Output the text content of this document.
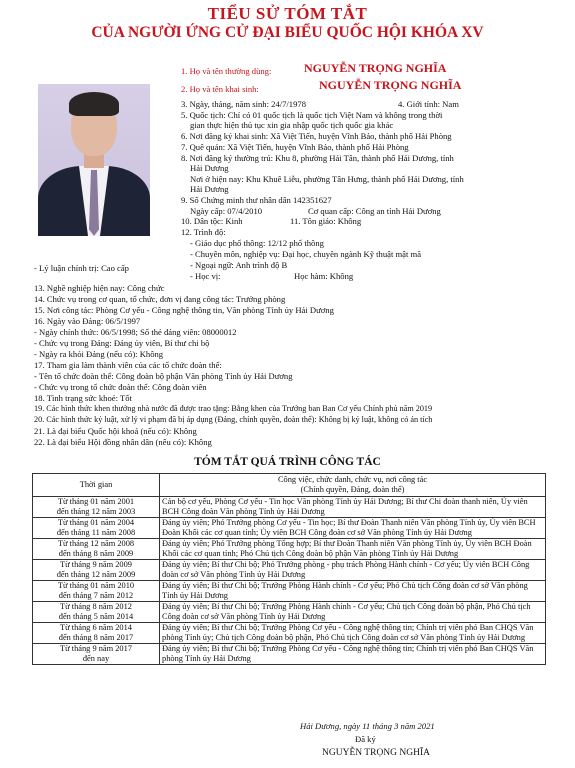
TIỂU SỬ TÓM TẮT
CỦA NGƯỜI ỨNG CỬ ĐẠI BIỂU QUỐC HỘI KHÓA XV
1. Họ và tên thường dùng:	NGUYỄN TRỌNG NGHĨA
2. Họ và tên khai sinh:	NGUYỄN TRỌNG NGHĨA
3. Ngày, tháng, năm sinh: 24/7/1978	4. Giới tính: Nam
5. Quốc tịch: Chỉ có 01 quốc tịch là quốc tịch Việt Nam và không trong thời
gian thực hiện thủ tục xin gia nhập quốc tịch quốc gia khác
6. Nơi đăng ký khai sinh: Xã Việt Tiến, huyện Vĩnh Bảo, thành phố Hải Phòng
7. Quê quán: Xã Việt Tiến, huyện Vĩnh Bảo, thành phố Hải Phòng
8. Nơi đăng ký thường trú: Khu 8, phường Hải Tân, thành phố Hải Dương, tỉnh
Hải Dương
Nơi ở hiện nay: Khu Khuê Liễu, phường Tân Hưng, thành phố Hải Dương, tỉnh
Hải Dương
9. Số Chứng minh thư nhân dân 142351627
Ngày cấp: 07/4/2010	Cơ quan cấp: Công an tỉnh Hải Dương
10. Dân tộc: Kinh	11. Tôn giáo: Không
12. Trình độ:
- Giáo dục phổ thông: 12/12 phổ thông
- Chuyên môn, nghiệp vụ: Đại học, chuyên ngành Kỹ thuật mật mã
- Ngoại ngữ: Anh trình độ B
- Lý luận chính trị: Cao cấp
- Học vị:	Học hàm: Không
13. Nghề nghiệp hiện nay: Công chức
14. Chức vụ trong cơ quan, tổ chức, đơn vị đang công tác: Trưởng phòng
15. Nơi công tác: Phòng Cơ yếu - Công nghệ thông tin, Văn phòng Tỉnh ủy Hải Dương
16. Ngày vào Đảng: 06/5/1997
- Ngày chính thức: 06/5/1998; Số thẻ đảng viên: 08000012
- Chức vụ trong Đảng: Đảng ủy viên, Bí thư chi bộ
- Ngày ra khỏi Đảng (nếu có): Không
17. Tham gia làm thành viên của các tổ chức đoàn thể:
- Tên tổ chức đoàn thể: Công đoàn bộ phận Văn phòng Tỉnh ủy Hải Dương
- Chức vụ trong tổ chức đoàn thể: Công đoàn viên
18. Tình trạng sức khoẻ: Tốt
19. Các hình thức khen thưởng nhà nước đã được trao tặng: Bằng khen của Trưởng ban Ban Cơ yếu Chính phủ năm 2019
20. Các hình thức kỷ luật, xử lý vi phạm đã bị áp dụng (Đảng, chính quyền, đoàn thể): Không bị kỷ luật, không có án tích
21. Là đại biểu Quốc hội khoá (nếu có): Không
22. Là đại biểu Hội đồng nhân dân (nếu có): Không
TÓM TẮT QUÁ TRÌNH CÔNG TÁC
Thời gian	Công việc, chức danh, chức vụ, nơi công tác
(Chính quyền, Đảng, đoàn thể)

Từ tháng 01 năm 2001
đến tháng 12 năm 2003	Cán bộ cơ yếu, Phòng Cơ yếu - Tin học Văn phòng Tỉnh ủy Hải Dương; Bí thư Chi đoàn thanh niên, Ủy viên BCH Công đoàn Văn phòng Tỉnh ủy Hải Dương

Từ tháng 01 năm 2004
đến tháng 11 năm 2008	Đảng ủy viên; Phó Trưởng phòng Cơ yếu - Tin học; Bí thư Đoàn Thanh niên Văn phòng Tỉnh ủy, Ủy viên BCH Đoàn Khối các cơ quan tỉnh; Ủy viên BCH Công đoàn cơ sở Văn phòng Tỉnh ủy Hải Dương

Từ tháng 12 năm 2008
đến tháng 8 năm 2009	Đảng ủy viên; Phó Trưởng phòng Tổng hợp; Bí thư Đoàn Thanh niên Văn phòng Tỉnh ủy, Ủy viên BCH Đoàn Khối các cơ quan tỉnh; Phó Chủ tịch Công đoàn bộ phận Văn phòng Tỉnh ủy Hải Dương

Từ tháng 9 năm 2009
đến tháng 12 năm 2009	Đảng ủy viên; Bí thư Chi bộ; Phó Trưởng phòng - phụ trách Phòng Hành chính - Cơ yếu; Ủy viên BCH Công đoàn cơ sở Văn phòng Tỉnh ủy Hải Dương

Từ tháng 01 năm 2010
đến tháng 7 năm 2012	Đảng ủy viên; Bí thư Chi bộ; Trưởng Phòng Hành chính - Cơ yếu; Phó Chủ tịch Công đoàn cơ sở Văn phòng Tỉnh ủy Hải Dương

Từ tháng 8 năm 2012
đến tháng 5 năm 2014	Đảng ủy viên; Bí thư Chi bộ; Trưởng Phòng Hành chính - Cơ yếu; Chủ tịch Công đoàn bộ phận, Phó Chủ tịch Công đoàn cơ sở Văn phòng Tỉnh ủy Hải Dương

Từ tháng 6 năm 2014
đến tháng 8 năm 2017	Đảng ủy viên; Bí thư Chi bộ; Trưởng Phòng Cơ yếu - Công nghệ thông tin; Chính trị viên phó Ban CHQS Văn phòng Tỉnh ủy; Chủ tịch Công đoàn bộ phận, Phó Chủ tịch Công đoàn cơ sở Văn phòng Tỉnh ủy Hải Dương

Từ tháng 9 năm 2017
đến nay	Đảng ủy viên; Bí thư Chi bộ; Trưởng Phòng Cơ yếu - Công nghệ thông tin; Chính trị viên phó Ban CHQS Văn phòng Tỉnh ủy Hải Dương
Hải Dương, ngày 11 tháng 3 năm 2021
Đã ký
NGUYỄN TRỌNG NGHĨA
